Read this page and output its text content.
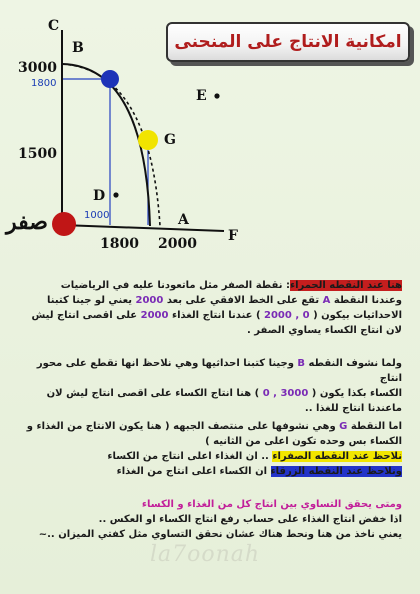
امكانية الانتاج على المنحنى
C
F
B
E
G
D
A
3000
1500
1800 2000
1800
1000
صفر
هنا عند النقطه الحمراء: نقطة الصفر مثل ماتعودنا عليه في الرياضيات
وعندنا النقطة A تقع على الخط الافقي على بعد 2000 يعني لو جينا كتبنا
الاحداثيات بيكون ( 0 , 2000 ) عندنا انتاج الغذاء 2000 على اقصى انتاج ليش
لان انتاج الكساء يساوي الصفر .
ولما نشوف النقطه B وجينا كتبنا احداثيها وهي نلاحظ انها تقطع على محور انتاج
الكساء بكذا يكون ( 3000 , 0 ) هنا انتاج الكساء على اقصى انتاج ليش لان
ماعندنا انتاج للغذا ..
اما النقطة G وهي نشوفها على منتصف الجبهه ( هنا يكون الانتاج من الغذاء و
الكساء بس وحده تكون اعلى من الثانيه )
نلاحظ عند النقطه الصفراء .. ان الغذاء اعلى انتاج من الكساء
ونلاحظ عند النقطه الزرقاء ان الكساء اعلى انتاج من الغذاء
ومتى يحقق التساوي بين انتاج كل من الغذاء و الكساء
اذا خفض انتاج الغذاء على حساب رفع انتاج الكساء او العكس ..
يعني ناخذ من هنا ونحط هناك عشان نحقق التساوي مثل كفتي الميزان ..~
la7oonah
